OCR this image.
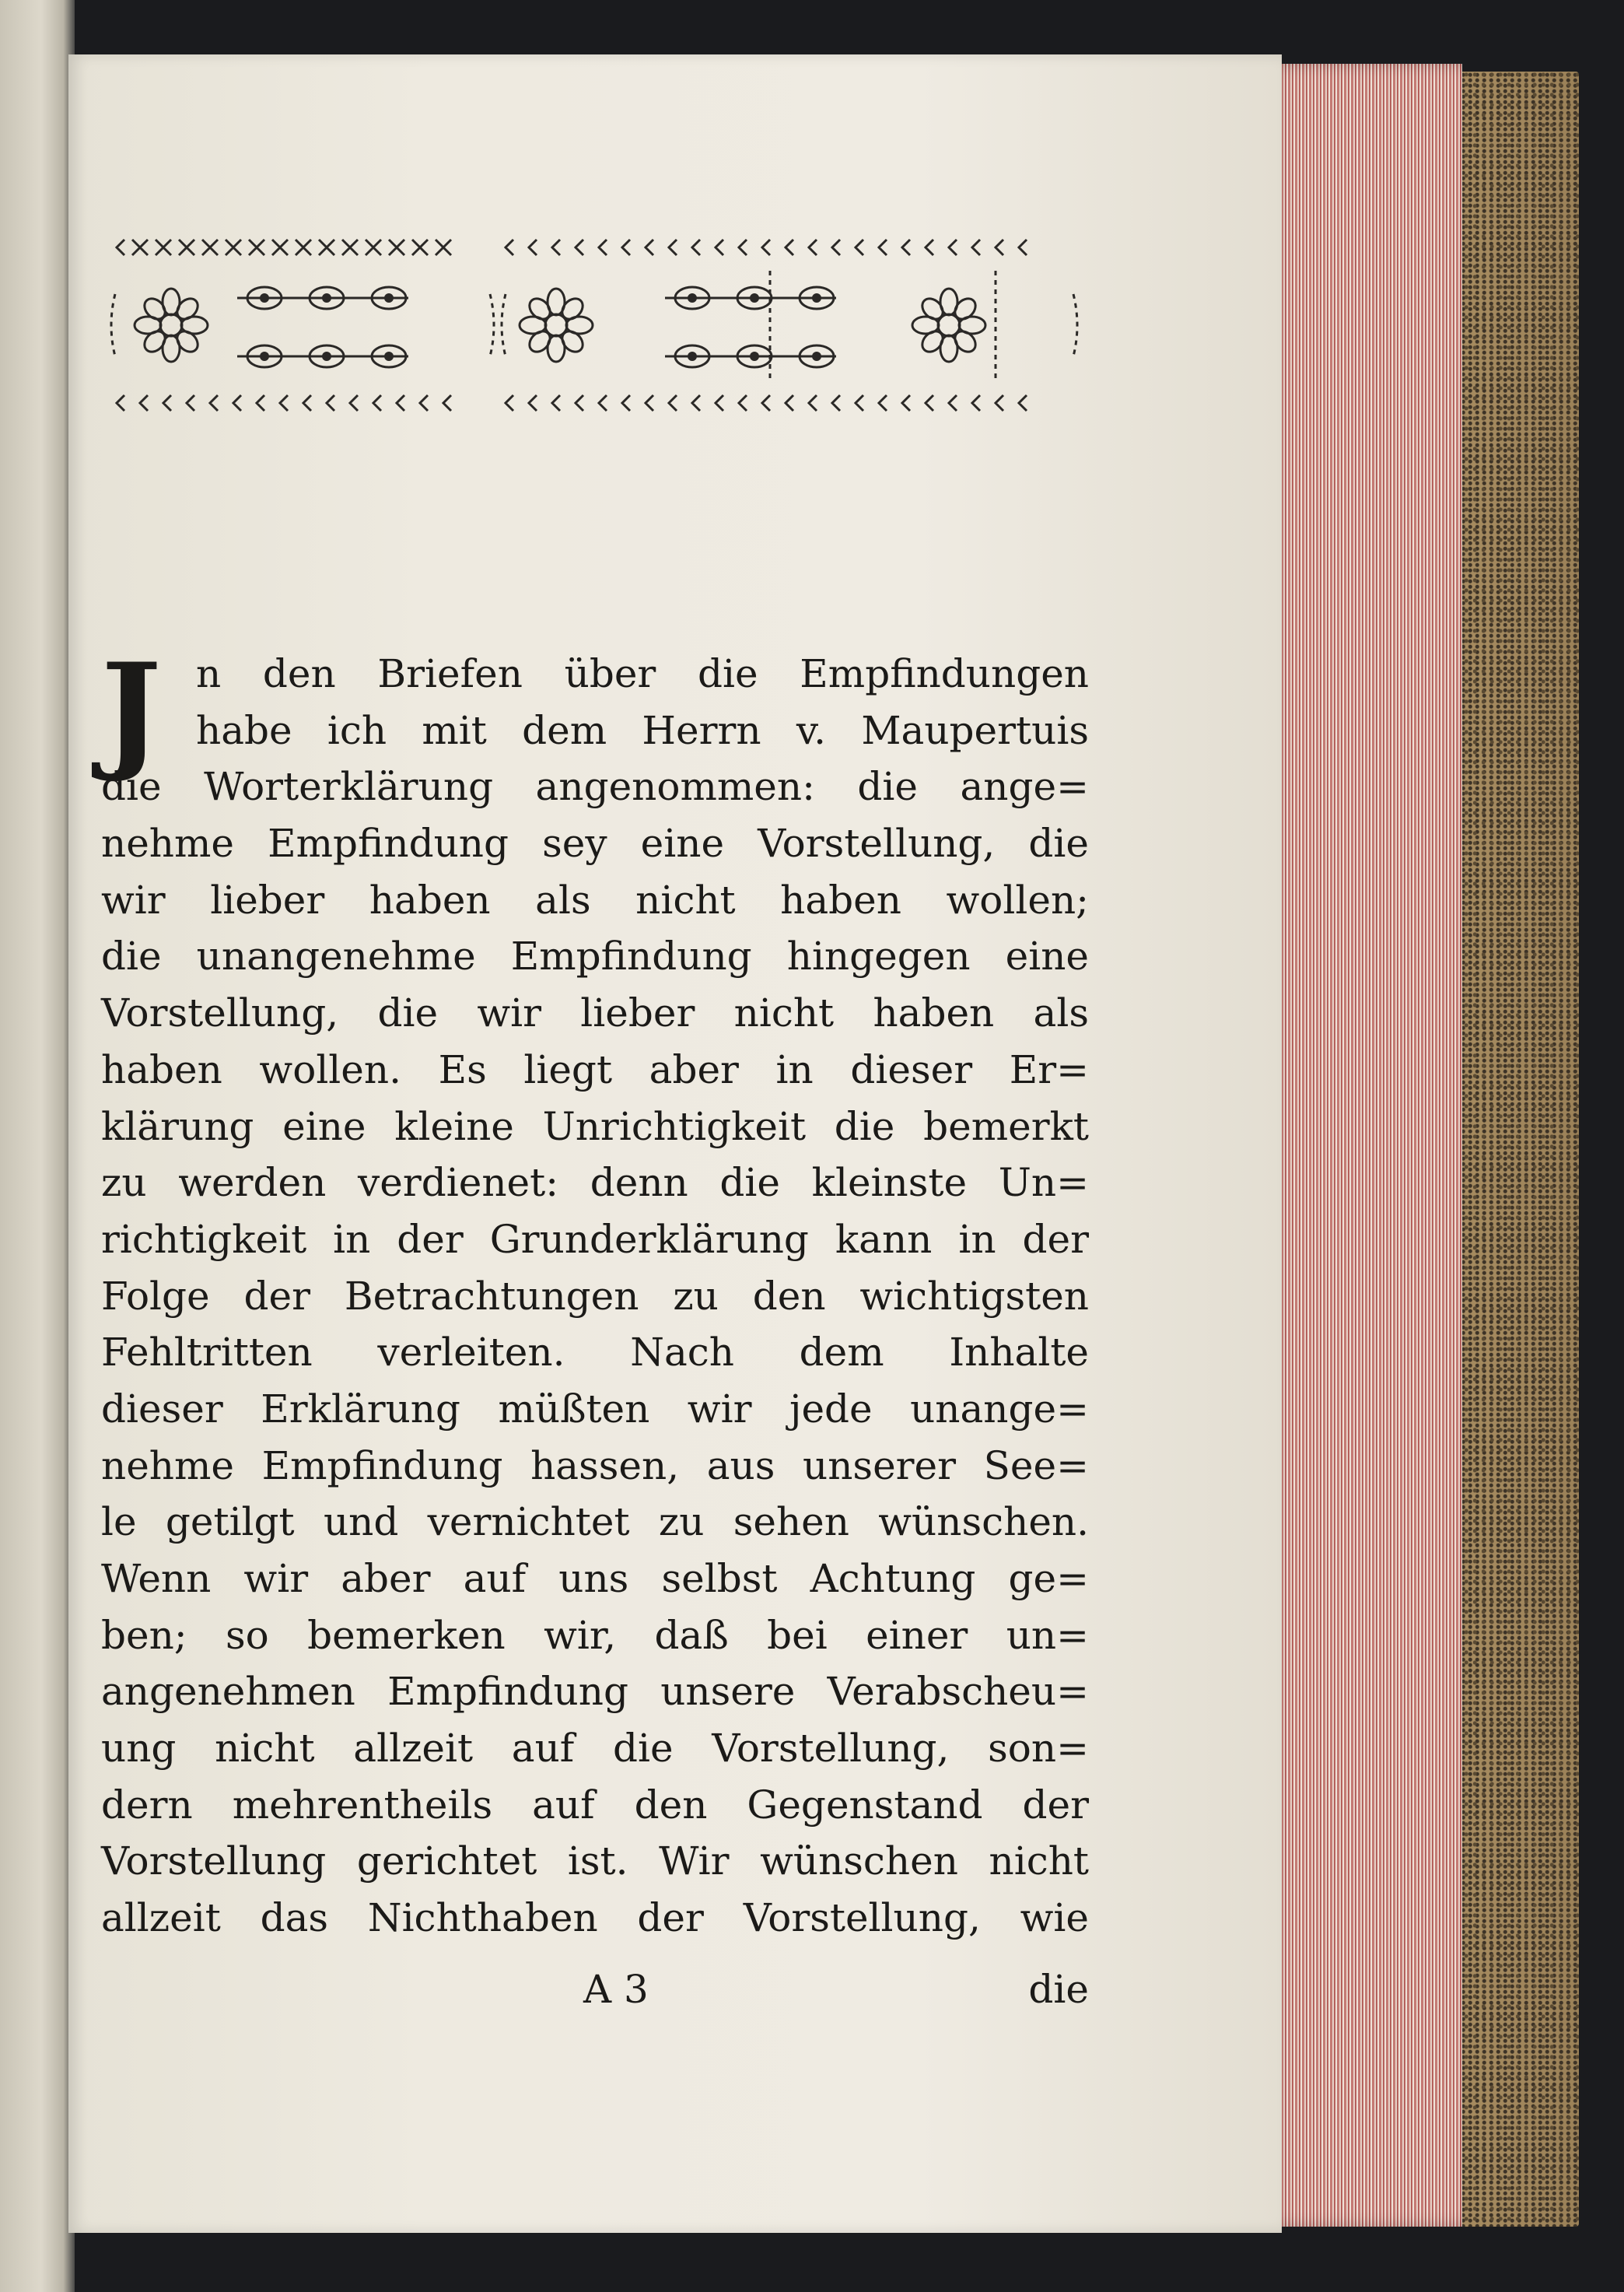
J n den Briefen über die Empfindungen
habe ich mit dem Herrn v. Maupertuis
die Worterklärung angenommen: die ange=
nehme Empfindung sey eine Vorstellung, die
wir lieber haben als nicht haben wollen;
die unangenehme Empfindung hingegen eine
Vorstellung, die wir lieber nicht haben als
haben wollen. Es liegt aber in dieser Er=
klärung eine kleine Unrichtigkeit die bemerkt
zu werden verdienet: denn die kleinste Un=
richtigkeit in der Grunderklärung kann in der
Folge der Betrachtungen zu den wichtigsten
Fehltritten verleiten. Nach dem Inhalte
dieser Erklärung müßten wir jede unange=
nehme Empfindung hassen, aus unserer See=
le getilgt und vernichtet zu sehen wünschen.
Wenn wir aber auf uns selbst Achtung ge=
ben; so bemerken wir, daß bei einer un=
angenehmen Empfindung unsere Verabscheu=
ung nicht allzeit auf die Vorstellung, son=
dern mehrentheils auf den Gegenstand der
Vorstellung gerichtet ist. Wir wünschen nicht
allzeit das Nichthaben der Vorstellung, wie
A 3	die
